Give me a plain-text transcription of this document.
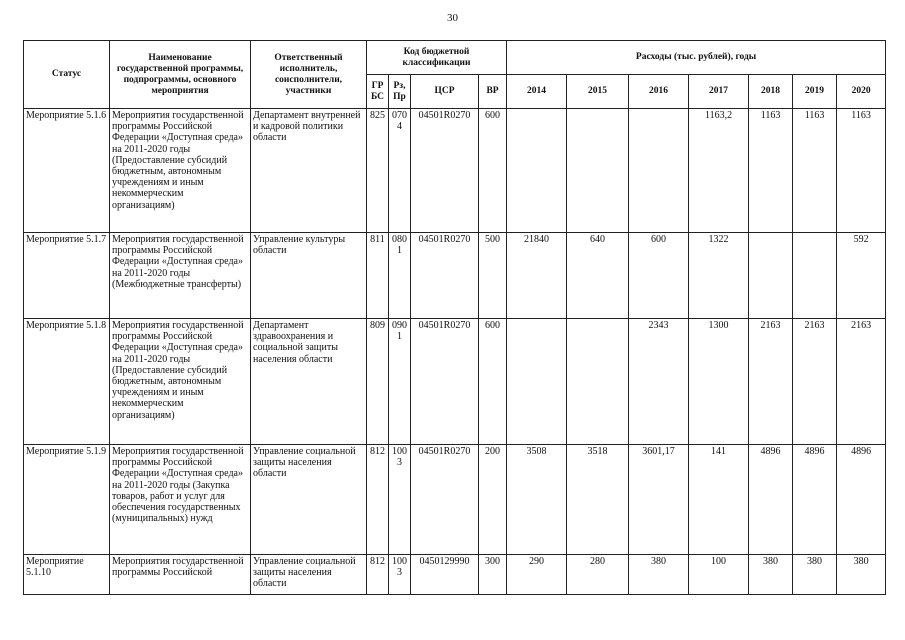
30
Статус	Наименование государственной программы, подпрограммы, основного мероприятия	Ответственный исполнитель, соисполнители, участники	Код бюджетной классификации				Расходы (тыс. рублей), годы						
			ГРБС	Рз, Пр	ЦСР	ВР	2014	2015	2016	2017	2018	2019	2020
Мероприятие 5.1.6	Мероприятия государственной программы Российской Федерации «Доступная среда» на 2011-2020 годы (Предоставление субсидий бюджетным, автономным учреждениям и иным некоммерческим организациям)	Департамент внутренней и кадровой политики области	825	0704	04501R0270	600				1163,2	1163	1163	1163
Мероприятие 5.1.7	Мероприятия государственной программы Российской Федерации «Доступная среда» на 2011-2020 годы (Межбюджетные трансферты)	Управление культуры области	811	0801	04501R0270	500	21840	640	600	1322			592
Мероприятие 5.1.8	Мероприятия государственной программы Российской Федерации «Доступная среда» на 2011-2020 годы (Предоставление субсидий бюджетным, автономным учреждениям и иным некоммерческим организациям)	Департамент здравоохранения и социальной защиты населения области	809	0901	04501R0270	600			2343	1300	2163	2163	2163
Мероприятие 5.1.9	Мероприятия государственной программы Российской Федерации «Доступная среда» на 2011-2020 годы (Закупка товаров, работ и услуг для обеспечения государственных (муниципальных) нужд	Управление социальной защиты населения области	812	1003	04501R0270	200	3508	3518	3601,17	141	4896	4896	4896
Мероприятие 5.1.10	Мероприятия государственной программы Российской	Управление социальной защиты населения области	812	1003	0450129990	300	290	280	380	100	380	380	380
